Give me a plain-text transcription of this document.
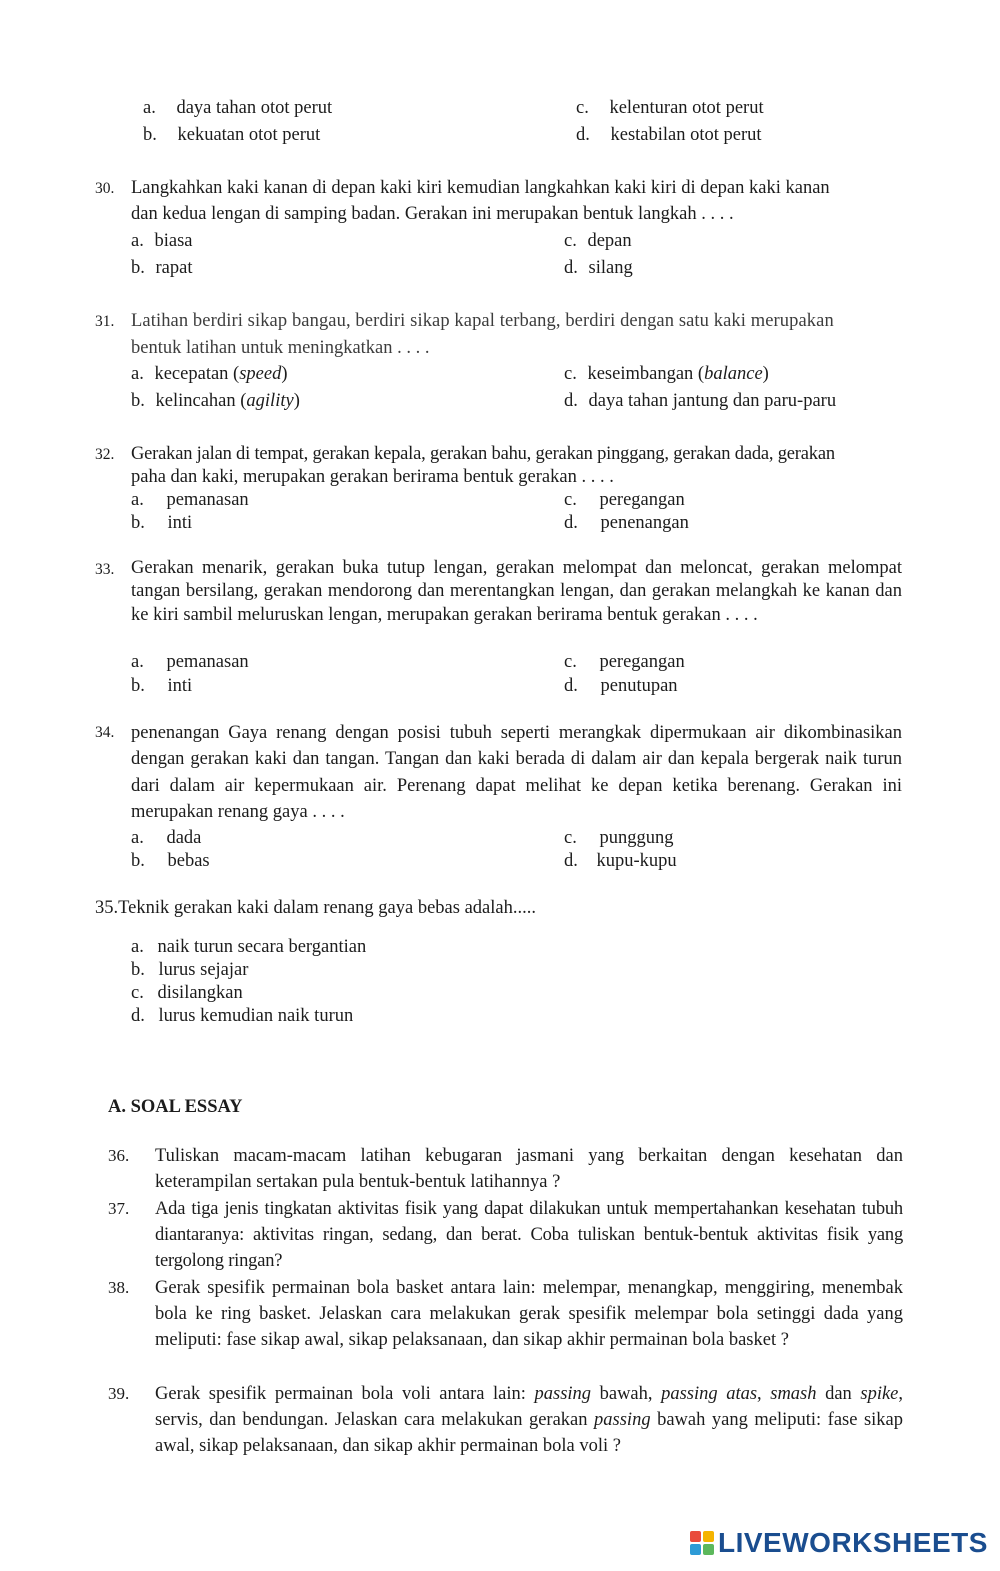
a. daya tahan otot perut
b. kekuatan otot perut
c. kelenturan otot perut
d. kestabilan otot perut
30. Langkahkan kaki kanan di depan kaki kiri kemudian langkahkan kaki kiri di depan kaki kanan
dan kedua lengan di samping badan. Gerakan ini merupakan bentuk langkah . . . .
a. biasa
b. rapat
c. depan
d. silang
31. Latihan berdiri sikap bangau, berdiri sikap kapal terbang, berdiri dengan satu kaki merupakan
bentuk latihan untuk meningkatkan . . . .
a. kecepatan (speed)
b. kelincahan (agility)
c. keseimbangan (balance)
d. daya tahan jantung dan paru-paru
32. Gerakan jalan di tempat, gerakan kepala, gerakan bahu, gerakan pinggang, gerakan dada, gerakan
paha dan kaki, merupakan gerakan berirama bentuk gerakan . . . .
a. pemanasan
b. inti
c. peregangan
d. penenangan
33. Gerakan menarik, gerakan buka tutup lengan, gerakan melompat dan meloncat, gerakan melompat tangan bersilang, gerakan mendorong dan merentangkan lengan, dan gerakan melangkah ke kanan dan ke kiri sambil meluruskan lengan, merupakan gerakan berirama bentuk gerakan . . . .
a. pemanasan
b. inti
c. peregangan
d. penutupan
34. penenangan Gaya renang dengan posisi tubuh seperti merangkak dipermukaan air dikombinasikan dengan gerakan kaki dan tangan. Tangan dan kaki berada di dalam air dan kepala bergerak naik turun dari dalam air kepermukaan air. Perenang dapat melihat ke depan ketika berenang. Gerakan ini merupakan renang gaya . . . .
a. dada
b. bebas
c. punggung
d. kupu-kupu
35.Teknik gerakan kaki dalam renang gaya bebas adalah.....
a. naik turun secara bergantian
b. lurus sejajar
c. disilangkan
d. lurus kemudian naik turun
A. SOAL ESSAY
36. Tuliskan macam-macam latihan kebugaran jasmani yang berkaitan dengan kesehatan dan keterampilan sertakan pula bentuk-bentuk latihannya ?
37. Ada tiga jenis tingkatan aktivitas fisik yang dapat dilakukan untuk mempertahankan kesehatan tubuh diantaranya: aktivitas ringan, sedang, dan berat. Coba tuliskan bentuk-bentuk aktivitas fisik yang tergolong ringan?
38. Gerak spesifik permainan bola basket antara lain: melempar, menangkap, menggiring, menembak bola ke ring basket. Jelaskan cara melakukan gerak spesifik melempar bola setinggi dada yang meliputi: fase sikap awal, sikap pelaksanaan, dan sikap akhir permainan bola basket ?
39. Gerak spesifik permainan bola voli antara lain: passing bawah, passing atas, smash dan spike, servis, dan bendungan. Jelaskan cara melakukan gerakan passing bawah yang meliputi: fase sikap awal, sikap pelaksanaan, dan sikap akhir permainan bola voli ?
LIVEWORKSHEETS
